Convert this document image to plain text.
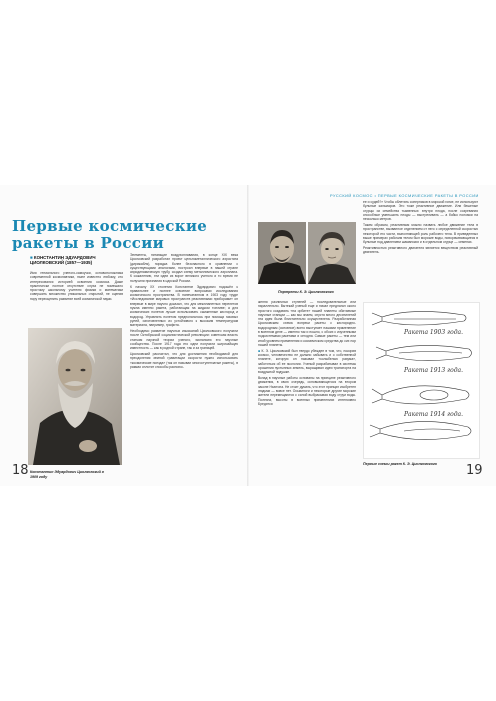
РУССКИЙ КОСМОС • ПЕРВЫЕ КОСМИЧЕСКИЕ РАКЕТЫ В РОССИИ
Первые космические
ракеты в России
■ КОНСТАНТИН ЭДУАРДОВИЧ ЦИОЛКОВСКИЙ (1857—1935)

Имя гениального ученого-самоучки, основоположника современной космонавтики, ныне известно любому, кто интересовался историей освоения космоса. Даже практически полное отсутствие слуха не помешало простому школьному учителю физики и математики совершить множество уникальных открытий, не оценив пору переоценить развитие всей космической науки.

Константин Эдуардович Циолковский в 1909 году

Элементы, питающие воздухоплавания, в конце XIX века Циолковский разработал проект цельнометаллического аэростата (дирижабля), порядка более безопасного в сравнении с существующими аналогами, построил впервые в нашей стране аэродинамическую трубу, создал схему металлического аэроплана. К сожалению, эти идеи из ворот великого ученого и то время не получили признания в царской России.

К началу XX столетия Константин Эдуардович подошёл к правильнее и полнее освоение вопросами исследования космического пространства. В напечатанном в 1903 году труде «Исследование мировых пространств реактивными приборами» он впервые в мире научно доказал, что для межпланетных перелетов нужна именно ракета, работающая на жидком топливе; а для космических полетов лучше использовать сжиженные кислород и водород. Управлять полетом предполагалось при помощи газовых рулей, изготовленных из устойчивого к высоким температурам материала, например, графита.

Необходимо развитие научных изысканий Циолковского получили после Октябрьской социалистической революции: советская власть статьям научной теории ученого, экспансию его научные сообщества. После 1917 года его идеи получили широчайшую известность — как в родной стране, так и за границей.

Циолковский рассчитал, что для достижения необходимой для преодоления земной гравитации скорости нужно использовать «космические поезда» (так он называл многоступенчатые ракеты), в рамках сплотит способы распоюо-

Портреты К. Э. Циолковского

ження различных ступеней — последовательные или параллельно. Вытекай ученый еще и начал предлагал около простого создавать «на орбите» нашей планеты обитаемые научные станции — как мы знаем, спустя много десятилетий эта идея была блистательно осуществлена. Разработанная Циолковским схема вопреки ракеты с кислородно-водородным (основное) всего выступает нашими применение в военном деле — именно так и пошло, с обоих с изученными подсистемами ракетами и сегодня. Самые ракеты — тем или иной уровнем применения и космическом средства до сих пор нашей планеты.

■ К. Э. Циолковский был твердо убежден в том, что, покорив космос, человечество не должно забывать и о собственной планете, которую он называл «колыбелью разума», заботиться об ее экологии. Ученый разрабатывал в системы орошения пустынных земель, выращивал идеи транспорта на воздушной подушке.

Вклад в научные работы основаны на принципе реактивного движения, в свою очередь, основывающегося на втором законе Ньютона. Не стоит думать, что этот принцип изобретен людьми — вовсе нет. Осьминоги и некоторые другие морские жители перемещаются с силой выбрасывая воду струи воды. Полезна, высоты в военных применениях интенсивно Бредятся

ее и судей?» Чтобы облетать соперников в морской гонке, не используют бульные кальмаров. Это тоже реактивное движение. Или бешеные огурцы из семейства тыквенных: внутри плода, после созревания способные уменьшить плоды — выстреливать — а бойко поломки на несколько метров.

Таким образом, реактивным можно назвать любое движение тела в пространстве, вызванное отделением от него с определенной скоростью некоторой его части, выполняющей роль рабочего тела. В приведенных выше примерах рабочим телом был морские воды, поворачивающиеся в бульные под давлением шаманских и в отдельном огурце — семенах.

Реактивностью реактивного двигателя является веществом реактивный двигатель.

Ракета 1903 года.
Ракета 1913 года.
Ракета 1914 года.
Первые схемы ракет К. Э. Циолковского
18	19
